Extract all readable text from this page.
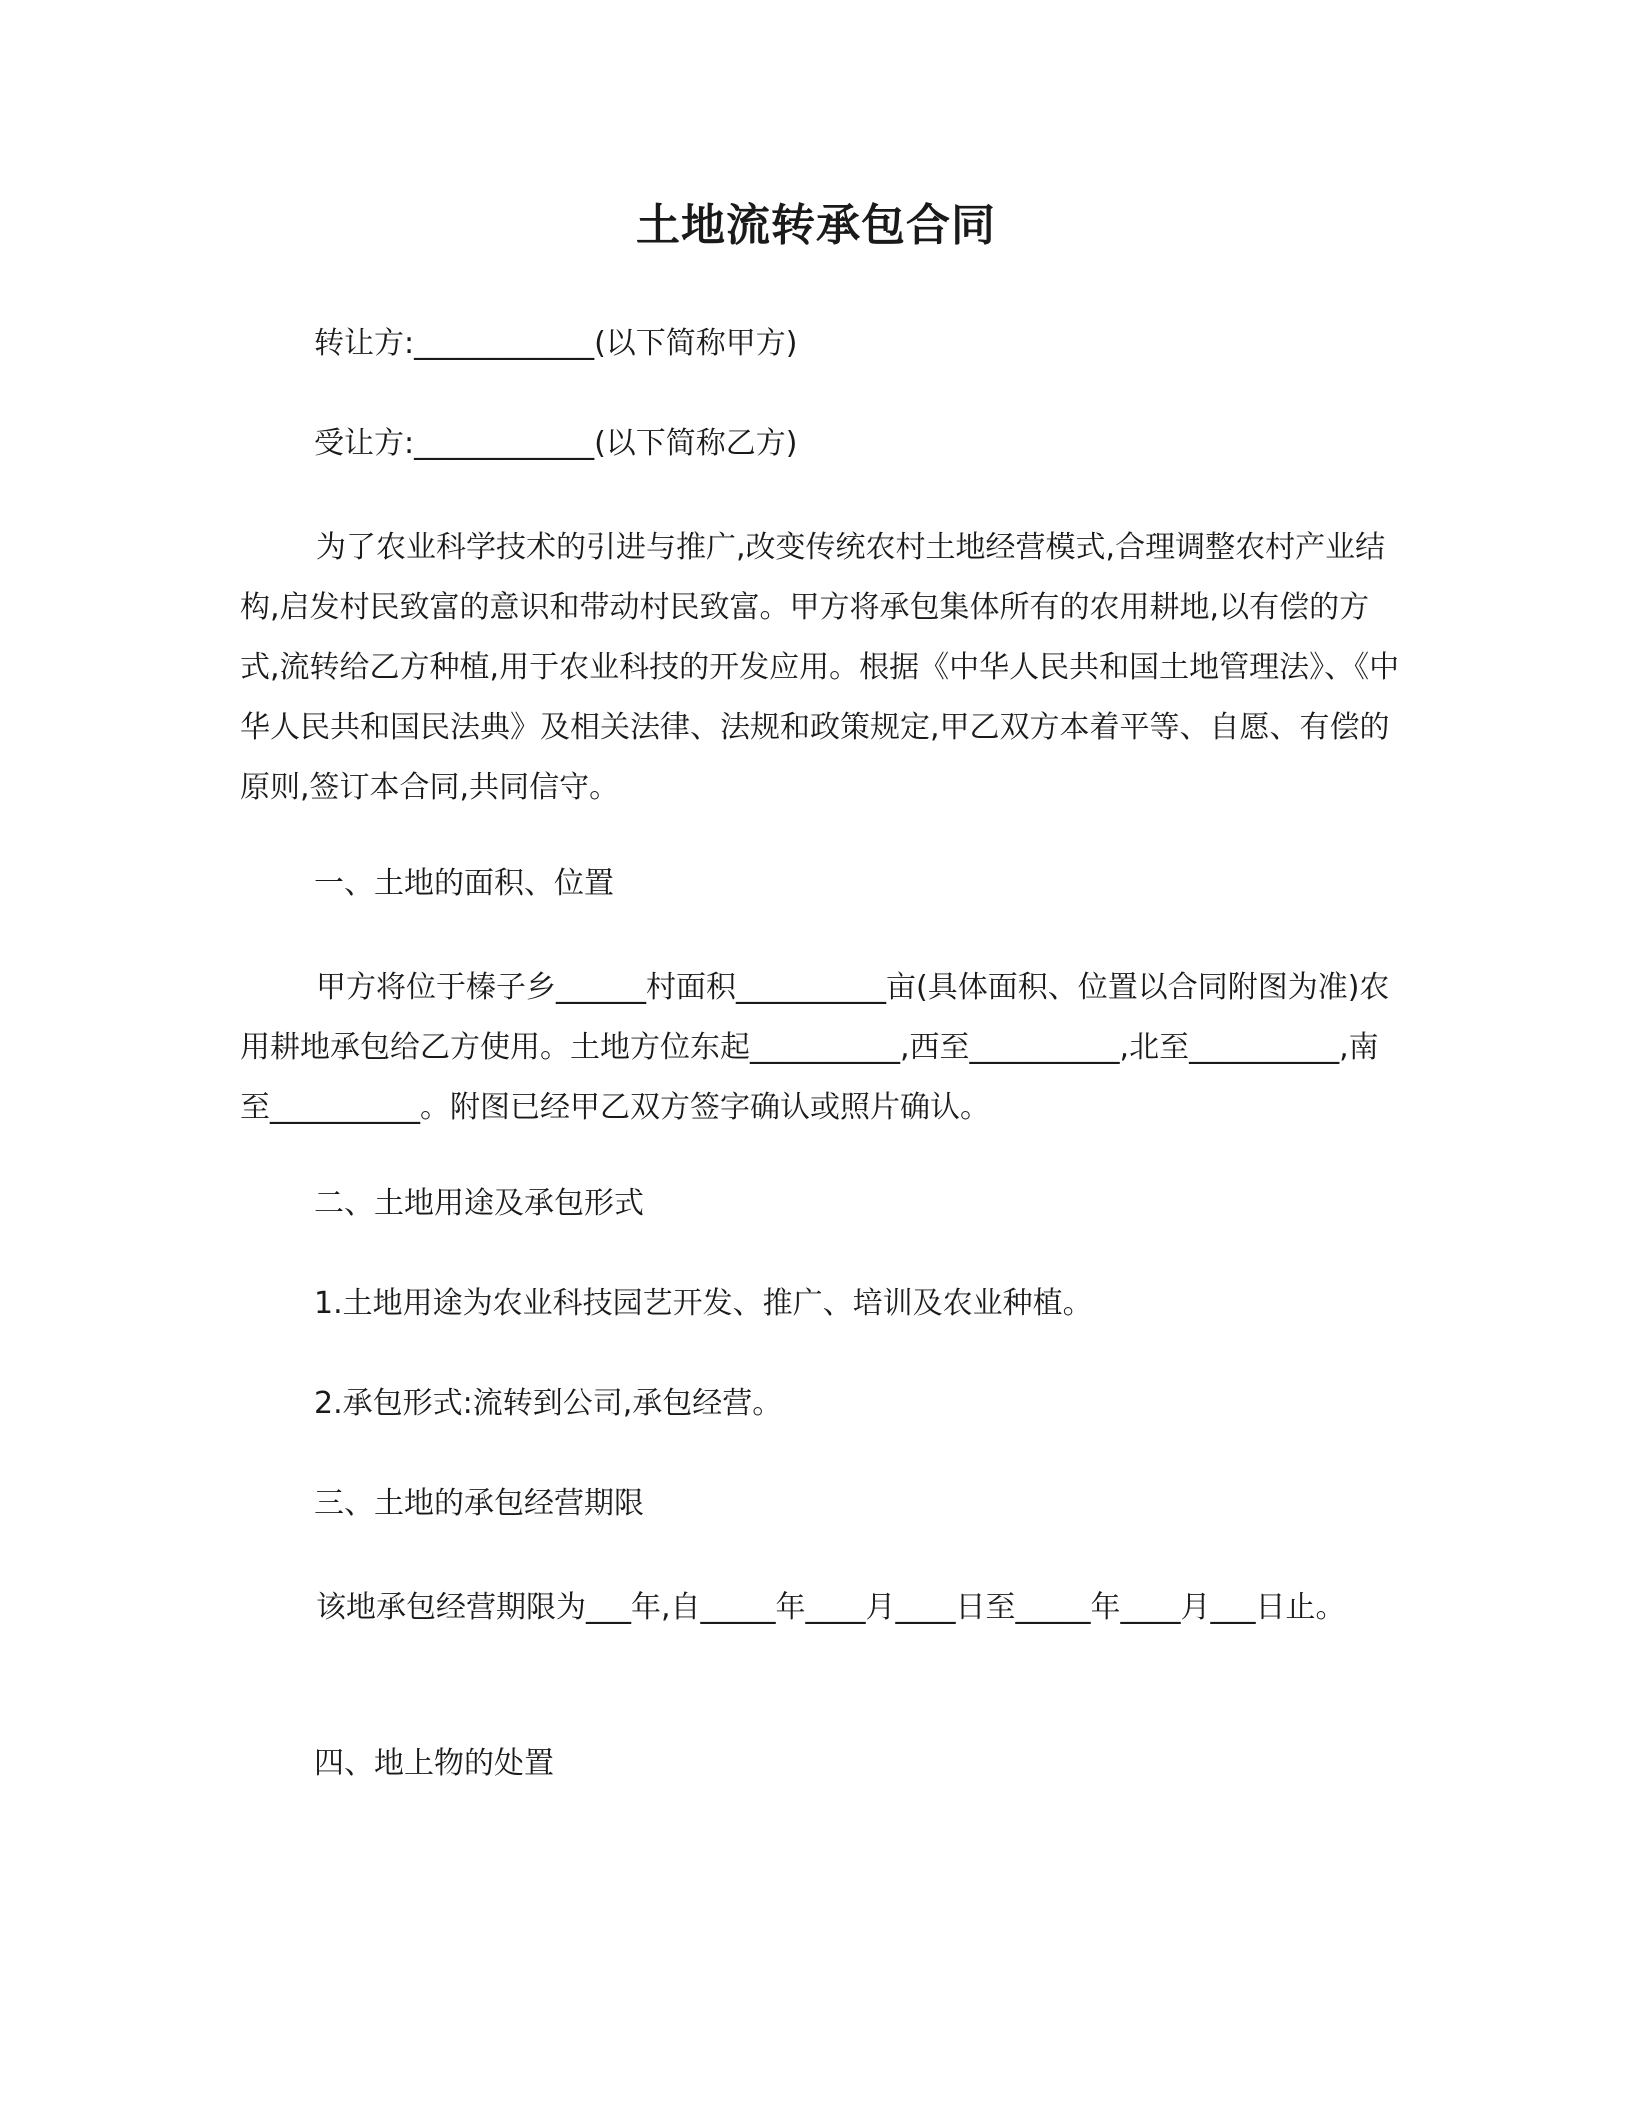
土地流转承包合同

转让方:____________(以下简称甲方)

受让方:____________(以下简称乙方)

为了农业科学技术的引进与推广,改变传统农村土地经营模式,合理调整农村产业结构,启发村民致富的意识和带动村民致富。甲方将承包集体所有的农用耕地,以有偿的方式,流转给乙方种植,用于农业科技的开发应用。根据《中华人民共和国土地管理法》、《中华人民共和国民法典》及相关法律、法规和政策规定,甲乙双方本着平等、自愿、有偿的原则,签订本合同,共同信守。

一、土地的面积、位置

甲方将位于榛子乡______村面积__________亩(具体面积、位置以合同附图为准)农用耕地承包给乙方使用。土地方位东起__________,西至__________,北至__________,南至__________。附图已经甲乙双方签字确认或照片确认。

二、土地用途及承包形式

1.土地用途为农业科技园艺开发、推广、培训及农业种植。

2.承包形式:流转到公司,承包经营。

三、土地的承包经营期限

该地承包经营期限为___年,自_____年____月____日至_____年____月___日止。

四、地上物的处置
